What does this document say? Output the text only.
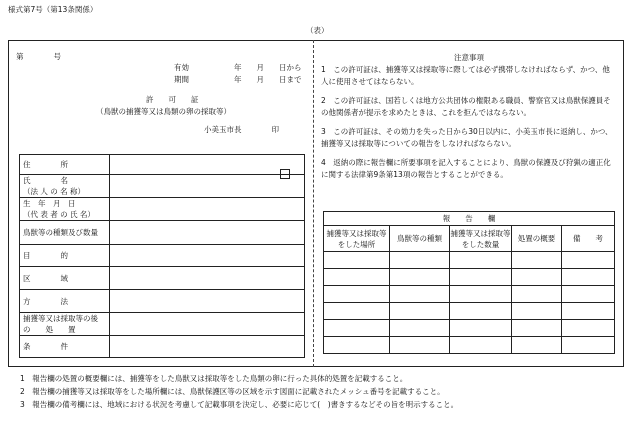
様式第7号（第13条関係）
（表）
第　　　　号
有効　　　　　　年　　月　　日から
期間　　　　　　年　　月　　日まで
許　　可　　証
（鳥獣の捕獲等又は鳥類の卵の採取等）
小美玉市長　　　　印
住　　　　所	

氏　　　　名
（法 人 の 名 称）	

生　年　月　日
（代 表 者 の 氏 名）	

鳥獣等の種類及び数量	
目　　　　的	
区　　　　域	
方　　　　法	

捕獲等又は採取等の後
の　　処　　置	

条　　　　件	
注意事項
1　この許可証は、捕獲等又は採取等に際しては必ず携帯しなければならず、かつ、他人に使用させてはならない。
2　この許可証は、国若しくは地方公共団体の権限ある職員、警察官又は鳥獣保護員その他関係者が提示を求めたときは、これを拒んではならない。
3　この許可証は、その効力を失った日から30日以内に、小美玉市長に返納し、かつ、捕獲等又は採取等についての報告をしなければならない。
4　返納の際に報告欄に所要事項を記入することにより、鳥獣の保護及び狩猟の適正化に関する法律第9条第13項の報告とすることができる。
報　　告　　欄				
捕獲等又は採取等をした場所	鳥獣等の種類	捕獲等又は採取等をした数量	処置の概要	備　　考

1　報告欄の処置の概要欄には、捕獲等をした鳥獣又は採取等をした鳥類の卵に行った具体的処置を記載すること。
2　報告欄の捕獲等又は採取等をした場所欄には、鳥獣保護区等の区域を示す図面に記載されたメッシュ番号を記載すること。
3　報告欄の備考欄には、地域における状況を考慮して記載事項を決定し、必要に応じて(　)書きするなどその旨を明示すること。
